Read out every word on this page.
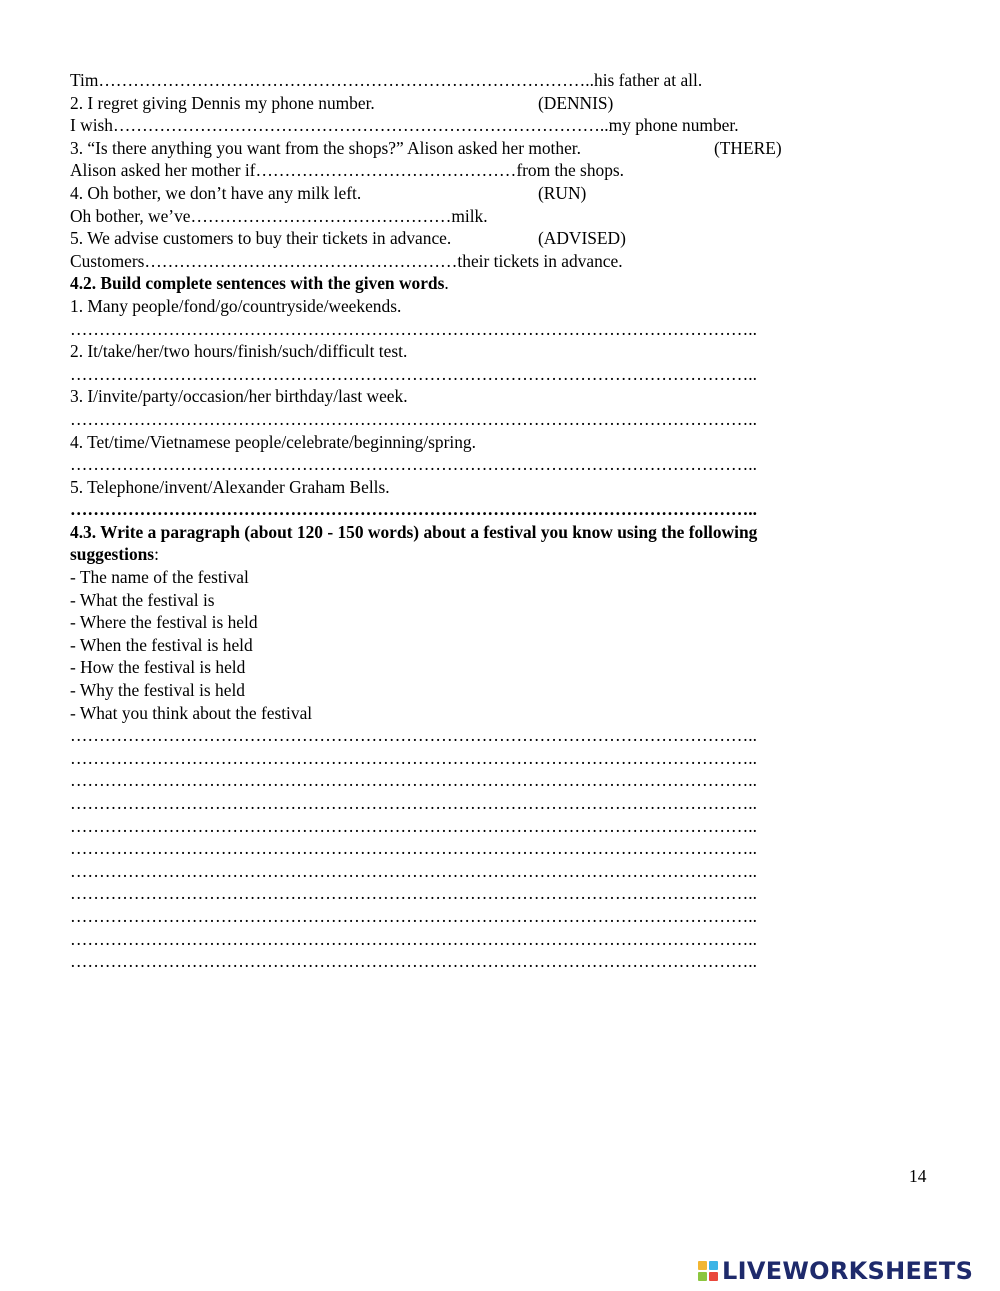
Tim…………………………………………………………………………..his father at all.
2. I regret giving Dennis my phone number.	(DENNIS)
I wish…………………………………………………………………………..my phone number.
3. “Is there anything you want from the shops?” Alison asked her mother.	(THERE)
Alison asked her mother if………………………………………from the shops.
4. Oh bother, we don’t have any milk left.	(RUN)
Oh bother, we’ve………………………………………milk.
5. We advise customers to buy their tickets in advance.	(ADVISED)
Customers………………………………………………their tickets in advance.
4.2. Build complete sentences with the given words.
1. Many people/fond/go/countryside/weekends.
………………………………………………………………………………………………………..
2. It/take/her/two hours/finish/such/difficult test.
………………………………………………………………………………………………………..
3. I/invite/party/occasion/her birthday/last week.
………………………………………………………………………………………………………..
4. Tet/time/Vietnamese people/celebrate/beginning/spring.
………………………………………………………………………………………………………..
5. Telephone/invent/Alexander Graham Bells.
………………………………………………………………………………………………………..
4.3. Write a paragraph (about 120 - 150 words) about a festival you know using the following
suggestions:
- The name of the festival
- What the festival is
- Where the festival is held
- When the festival is held
- How the festival is held
- Why the festival is held
- What you think about the festival
………………………………………………………………………………………………………..
………………………………………………………………………………………………………..
………………………………………………………………………………………………………..
………………………………………………………………………………………………………..
………………………………………………………………………………………………………..
………………………………………………………………………………………………………..
………………………………………………………………………………………………………..
………………………………………………………………………………………………………..
………………………………………………………………………………………………………..
………………………………………………………………………………………………………..
………………………………………………………………………………………………………..
14
LIVEWORKSHEETS
